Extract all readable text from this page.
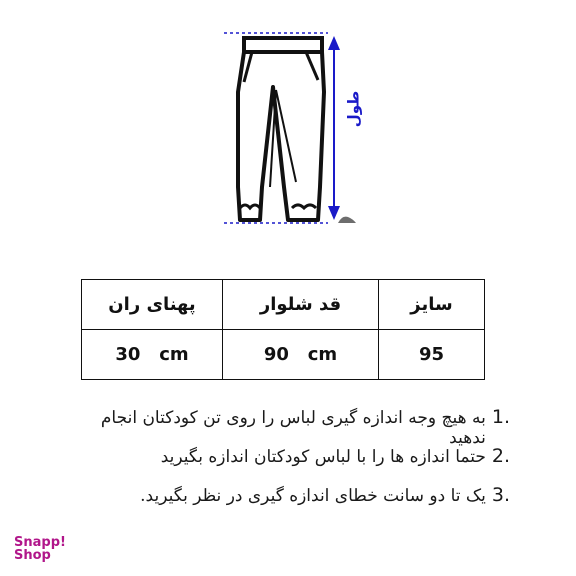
طول
پهنای ران	قد شلوار	سایز
30   cm	90   cm	95
1.
به هیچ وجه اندازه گیری لباس را روی تن کودکتان انجام ندهید
2.
حتما اندازه ها را با لباس کودکتان اندازه بگیرید
3.
یک تا دو سانت خطای اندازه گیری در نظر بگیرید.
Snapp!
Shop
